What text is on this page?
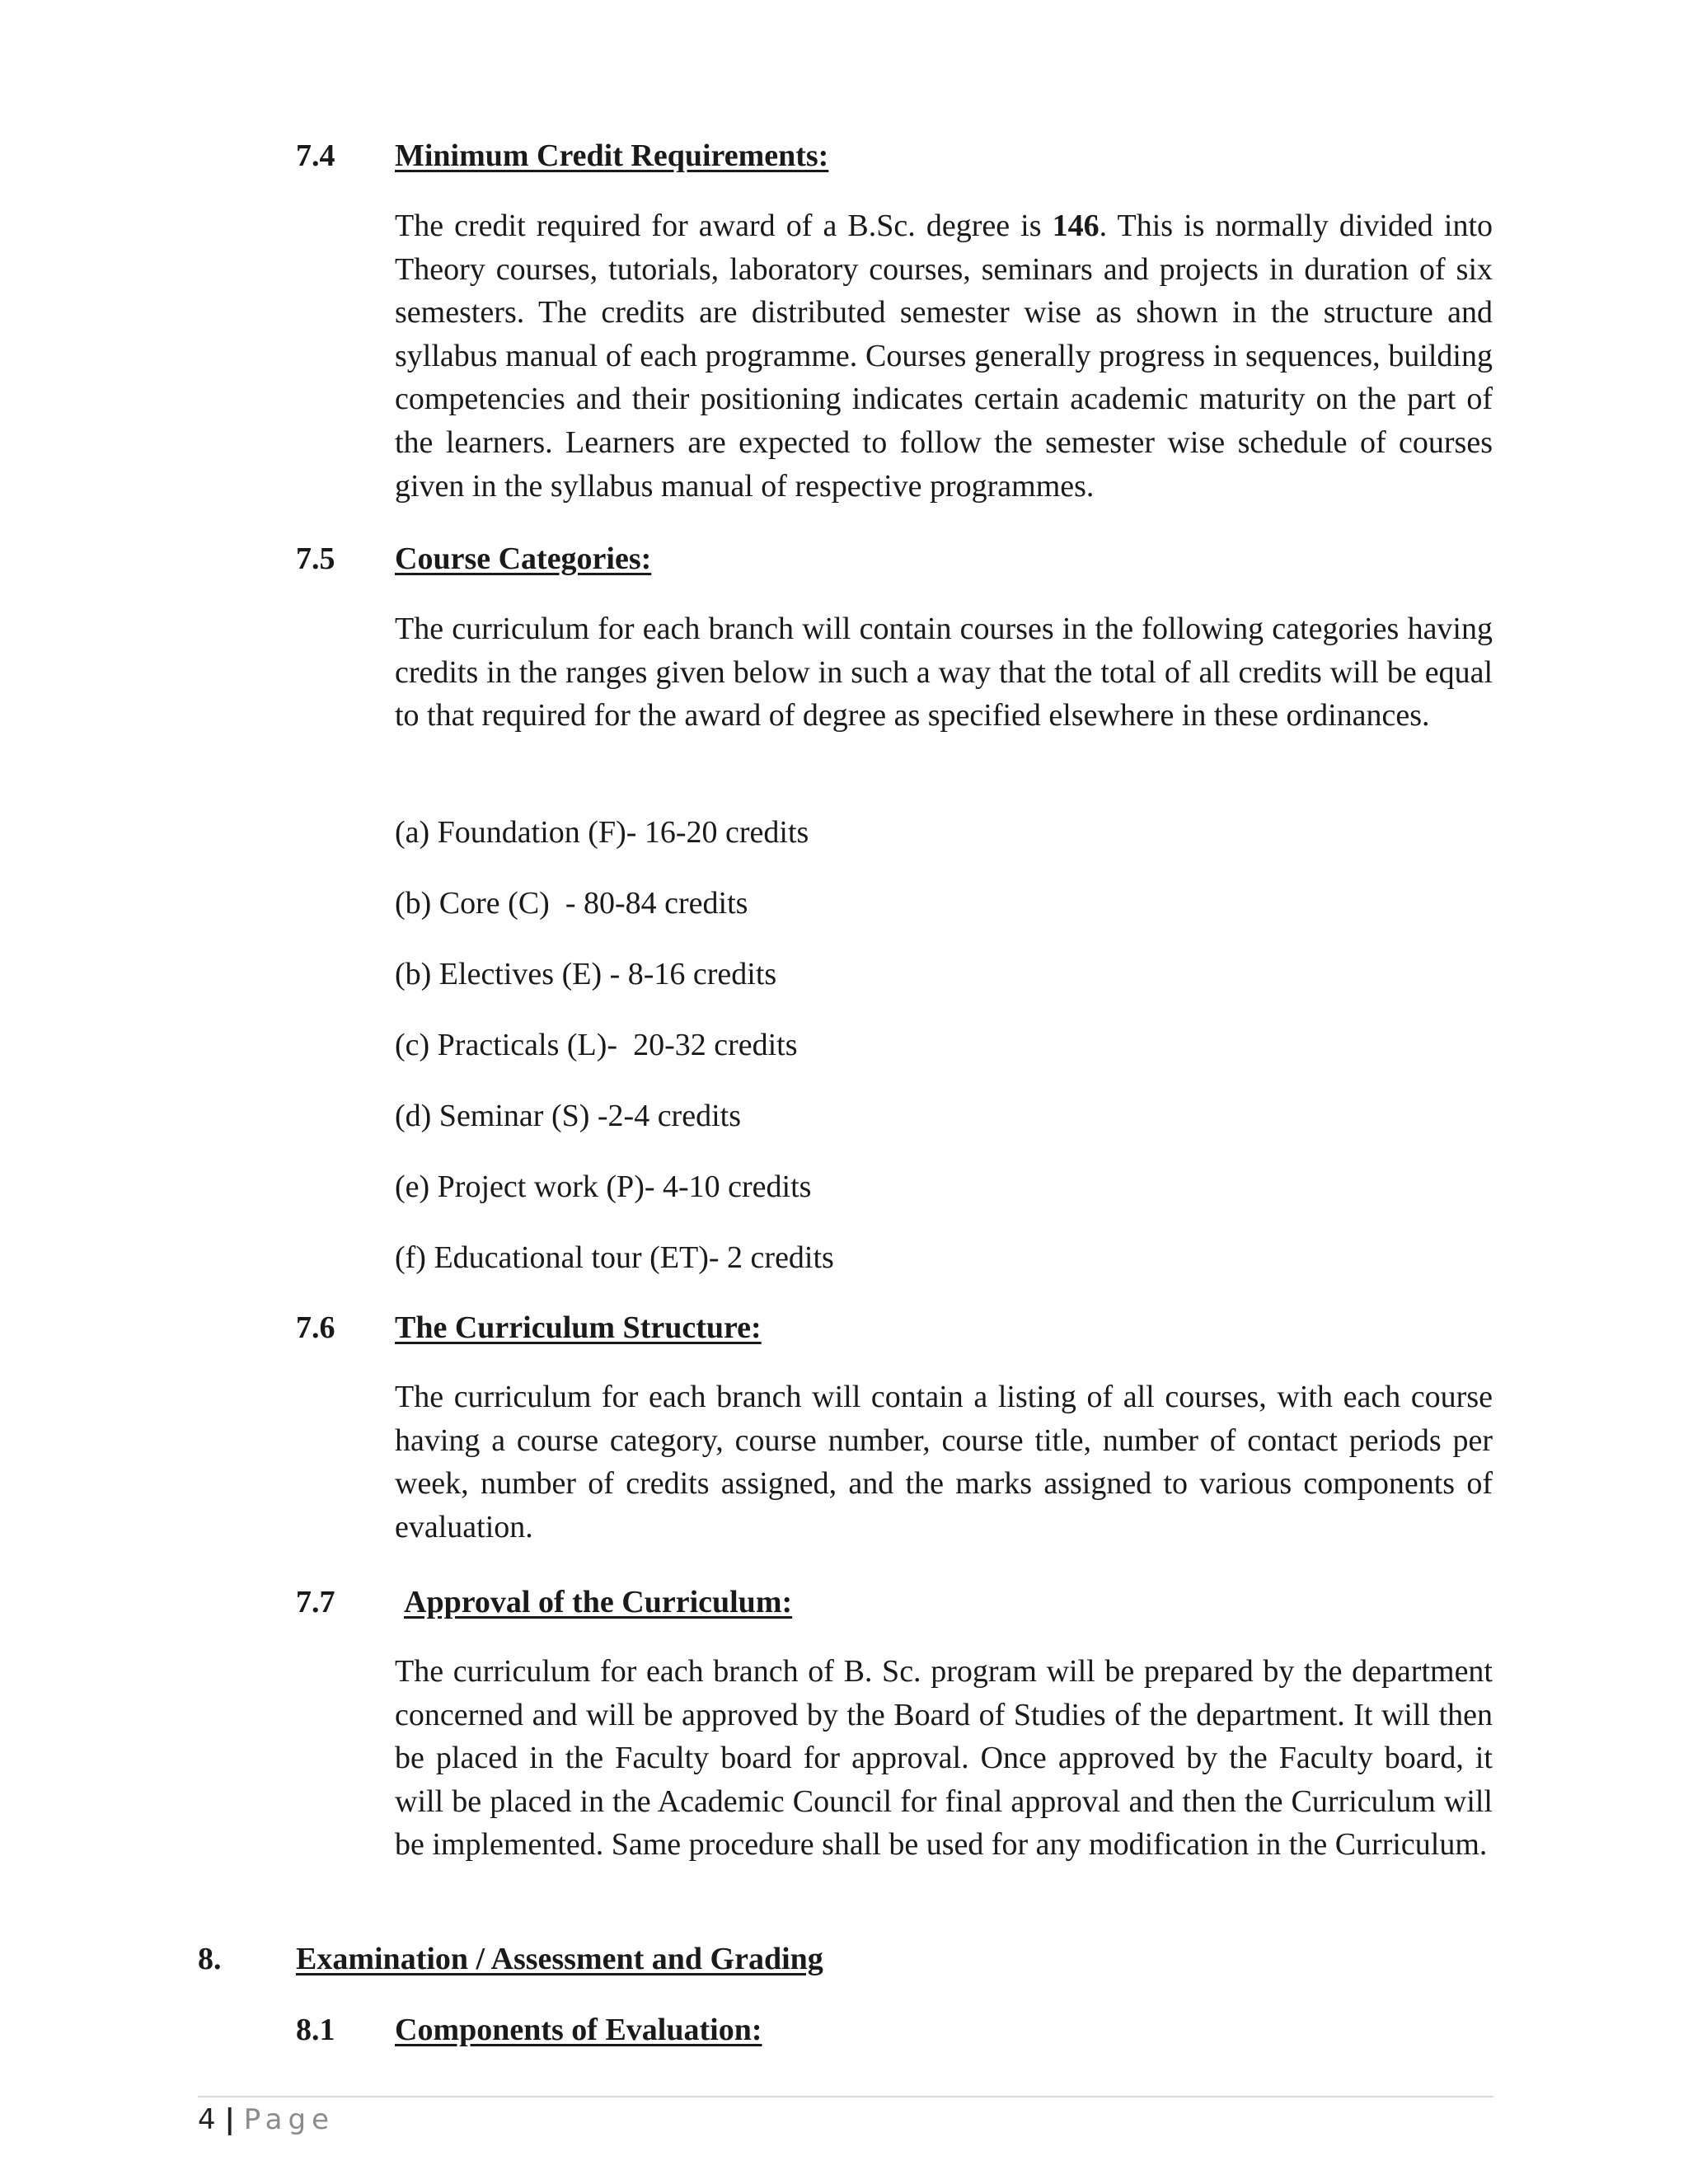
7.4 Minimum Credit Requirements:

The credit required for award of a B.Sc. degree is 146. This is normally divided into Theory courses, tutorials, laboratory courses, seminars and projects in duration of six semesters. The credits are distributed semester wise as shown in the structure and syllabus manual of each programme. Courses generally progress in sequences, building competencies and their positioning indicates certain academic maturity on the part of the learners. Learners are expected to follow the semester wise schedule of courses given in the syllabus manual of respective programmes.

7.5 Course Categories:

The curriculum for each branch will contain courses in the following categories having credits in the ranges given below in such a way that the total of all credits will be equal to that required for the award of degree as specified elsewhere in these ordinances.

(a) Foundation (F)- 16-20 credits
(b) Core (C)  - 80-84 credits
(b) Electives (E) - 8-16 credits
(c) Practicals (L)-  20-32 credits
(d) Seminar (S) -2-4 credits
(e) Project work (P)- 4-10 credits
(f) Educational tour (ET)- 2 credits
7.6 The Curriculum Structure:

The curriculum for each branch will contain a listing of all courses, with each course having a course category, course number, course title, number of contact periods per week, number of credits assigned, and the marks assigned to various components of evaluation.

7.7 Approval of the Curriculum:

The curriculum for each branch of B. Sc. program will be prepared by the department concerned and will be approved by the Board of Studies of the department. It will then be placed in the Faculty board for approval. Once approved by the Faculty board, it will be placed in the Academic Council for final approval and then the Curriculum will be implemented. Same procedure shall be used for any modification in the Curriculum.

8. Examination / Assessment and Grading
8.1 Components of Evaluation:
4 | Page
